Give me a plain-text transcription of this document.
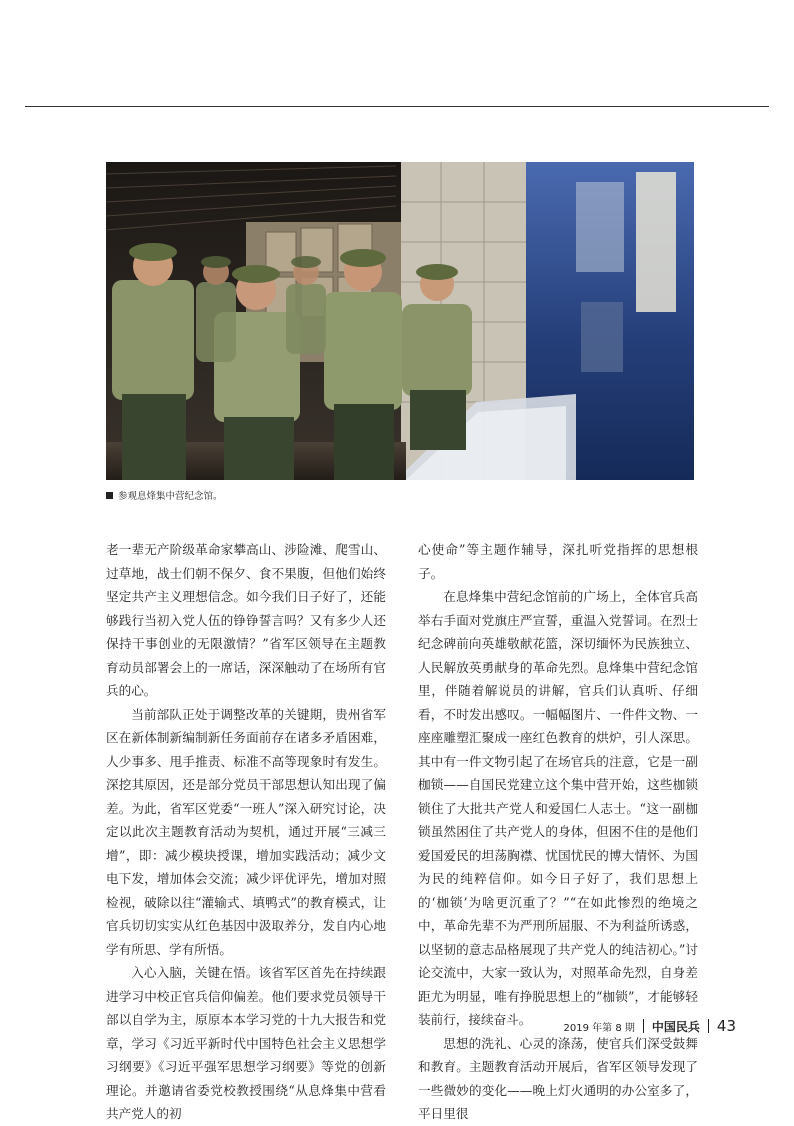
参观息烽集中营纪念馆。

老一辈无产阶级革命家攀高山、涉险滩、爬雪山、过草地，战士们朝不保夕、食不果腹，但他们始终坚定共产主义理想信念。如今我们日子好了，还能够践行当初入党人伍的铮铮誓言吗？又有多少人还保持干事创业的无限激情？”省军区领导在主题教育动员部署会上的一席话，深深触动了在场所有官兵的心。

当前部队正处于调整改革的关键期，贵州省军区在新体制新编制新任务面前存在诸多矛盾困难，人少事多、甩手推责、标准不高等现象时有发生。深挖其原因，还是部分党员干部思想认知出现了偏差。为此，省军区党委“一班人”深入研究讨论，决定以此次主题教育活动为契机，通过开展“三减三增”，即：减少模块授课，增加实践活动；减少文电下发，增加体会交流；减少评优评先，增加对照检视，破除以往“灌输式、填鸭式”的教育模式，让官兵切切实实从红色基因中汲取养分，发自内心地学有所思、学有所悟。

入心入脑，关键在悟。该省军区首先在持续跟进学习中校正官兵信仰偏差。他们要求党员领导干部以自学为主，原原本本学习党的十九大报告和党章，学习《习近平新时代中国特色社会主义思想学习纲要》《习近平强军思想学习纲要》等党的创新理论。并邀请省委党校教授围绕“从息烽集中营看共产党人的初

心使命”等主题作辅导，深扎听党指挥的思想根子。

在息烽集中营纪念馆前的广场上，全体官兵高举右手面对党旗庄严宣誓，重温入党誓词。在烈士纪念碑前向英雄敬献花篮，深切缅怀为民族独立、人民解放英勇献身的革命先烈。息烽集中营纪念馆里，伴随着解说员的讲解，官兵们认真听、仔细看，不时发出感叹。一幅幅图片、一件件文物、一座座雕塑汇聚成一座红色教育的烘炉，引人深思。其中有一件文物引起了在场官兵的注意，它是一副枷锁——自国民党建立这个集中营开始，这些枷锁锁住了大批共产党人和爱国仁人志士。“这一副枷锁虽然困住了共产党人的身体，但困不住的是他们爱国爱民的坦荡胸襟、忧国忧民的博大情怀、为国为民的纯粹信仰。如今日子好了，我们思想上的‘枷锁’为啥更沉重了？”“在如此惨烈的绝境之中，革命先辈不为严刑所屈服、不为利益所诱惑，以坚韧的意志品格展现了共产党人的纯洁初心。”讨论交流中，大家一致认为，对照革命先烈，自身差距尤为明显，唯有挣脱思想上的“枷锁”，才能够轻装前行，接续奋斗。

思想的洗礼、心灵的涤荡，使官兵们深受鼓舞和教育。主题教育活动开展后，省军区领导发现了一些微妙的变化——晚上灯火通明的办公室多了，平日里很

2019 年第 8 期 中国民兵 43
